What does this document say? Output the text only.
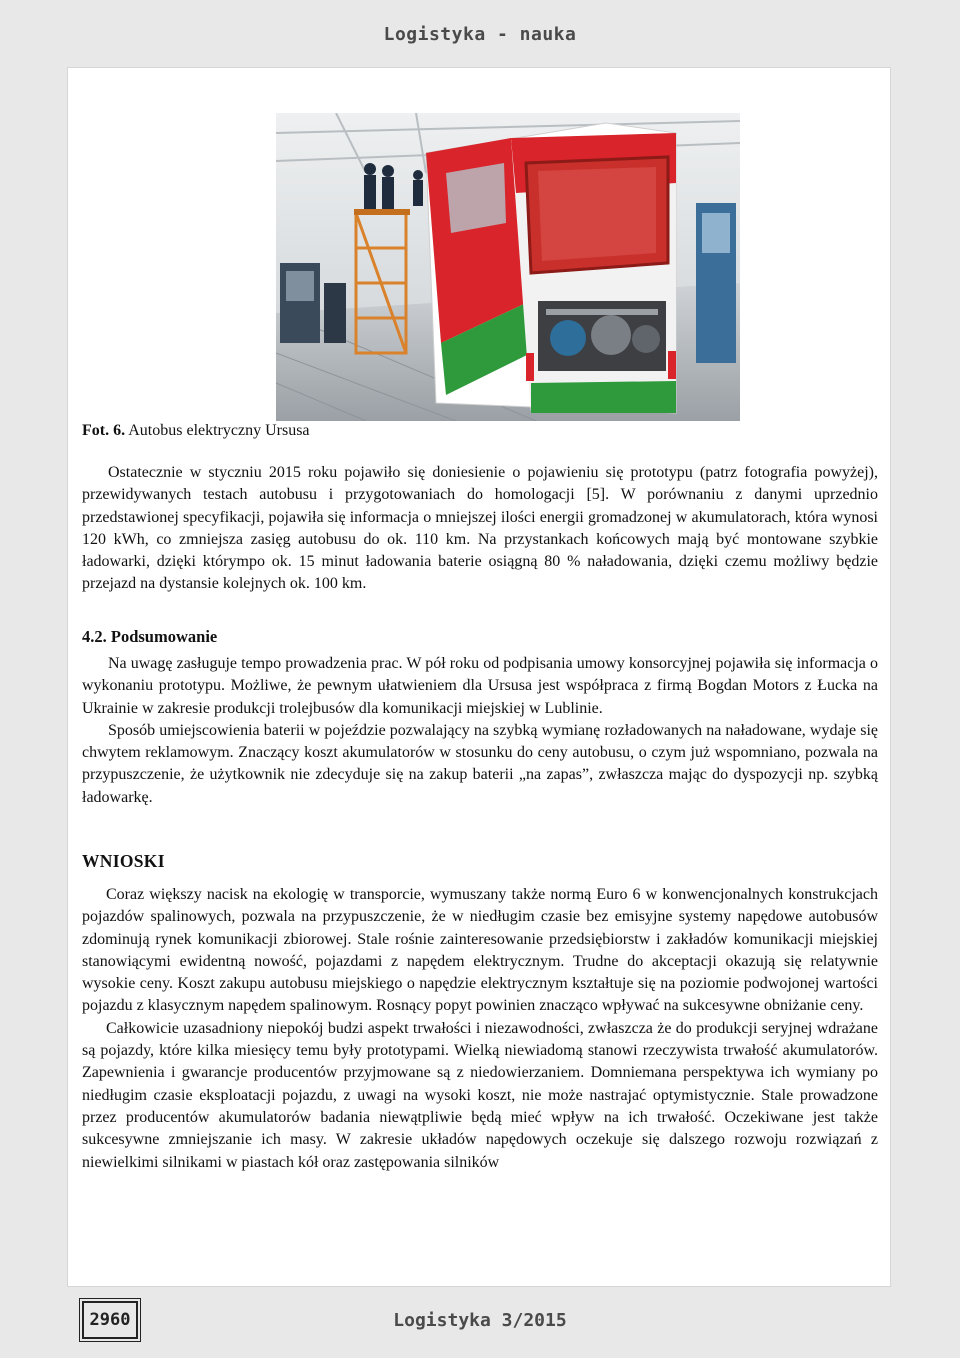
Logistyka - nauka
Fot. 6. Autobus elektryczny Ursusa

Ostatecznie w styczniu 2015 roku pojawiło się doniesienie o pojawieniu się prototypu (patrz fotografia powyżej), przewidywanych testach autobusu i przygotowaniach do homologacji [5]. W porównaniu z danymi uprzednio przedstawionej specyfikacji, pojawiła się informacja o mniejszej ilości energii gromadzonej w akumulatorach, która wynosi 120 kWh, co zmniejsza zasięg autobusu do ok. 110 km. Na przystankach końcowych mają być montowane szybkie ładowarki, dzięki którympo ok. 15 minut ładowania baterie osiągną 80 % naładowania, dzięki czemu możliwy będzie przejazd na dystansie kolejnych ok. 100 km.

4.2. Podsumowanie

Na uwagę zasługuje tempo prowadzenia prac. W pół roku od podpisania umowy konsorcyjnej pojawiła się informacja o wykonaniu prototypu. Możliwe, że pewnym ułatwieniem dla Ursusa jest współpraca z firmą Bogdan Motors z Łucka na Ukrainie w zakresie produkcji trolejbusów dla komunikacji miejskiej w Lublinie.

Sposób umiejscowienia baterii w pojeździe pozwalający na szybką wymianę rozładowanych na naładowane, wydaje się chwytem reklamowym. Znaczący koszt akumulatorów w stosunku do ceny autobusu, o czym już wspomniano, pozwala na przypuszczenie, że użytkownik nie zdecyduje się na zakup baterii „na zapas”, zwłaszcza mając do dyspozycji np. szybką ładowarkę.

WNIOSKI

Coraz większy nacisk na ekologię w transporcie, wymuszany także normą Euro 6 w konwencjonalnych konstrukcjach pojazdów spalinowych, pozwala na przypuszczenie, że w niedługim czasie bez emisyjne systemy napędowe autobusów zdominują rynek komunikacji zbiorowej. Stale rośnie zainteresowanie przedsiębiorstw i zakładów komunikacji miejskiej stanowiącymi ewidentną nowość, pojazdami z napędem elektrycznym. Trudne do akceptacji okazują się relatywnie wysokie ceny. Koszt zakupu autobusu miejskiego o napędzie elektrycznym kształtuje się na poziomie podwojonej wartości pojazdu z klasycznym napędem spalinowym. Rosnący popyt powinien znacząco wpływać na sukcesywne obniżanie ceny.

Całkowicie uzasadniony niepokój budzi aspekt trwałości i niezawodności, zwłaszcza że do produkcji seryjnej wdrażane są pojazdy, które kilka miesięcy temu były prototypami. Wielką niewiadomą stanowi rzeczywista trwałość akumulatorów. Zapewnienia i gwarancje producentów przyjmowane są z niedowierzaniem. Domniemana perspektywa ich wymiany po niedługim czasie eksploatacji pojazdu, z uwagi na wysoki koszt, nie może nastrajać optymistycznie. Stale prowadzone przez producentów akumulatorów badania niewątpliwie będą mieć wpływ na ich trwałość. Oczekiwane jest także sukcesywne zmniejszanie ich masy. W zakresie układów napędowych oczekuje się dalszego rozwoju rozwiązań z niewielkimi silnikami w piastach kół oraz zastępowania silników

2960	Logistyka 3/2015
